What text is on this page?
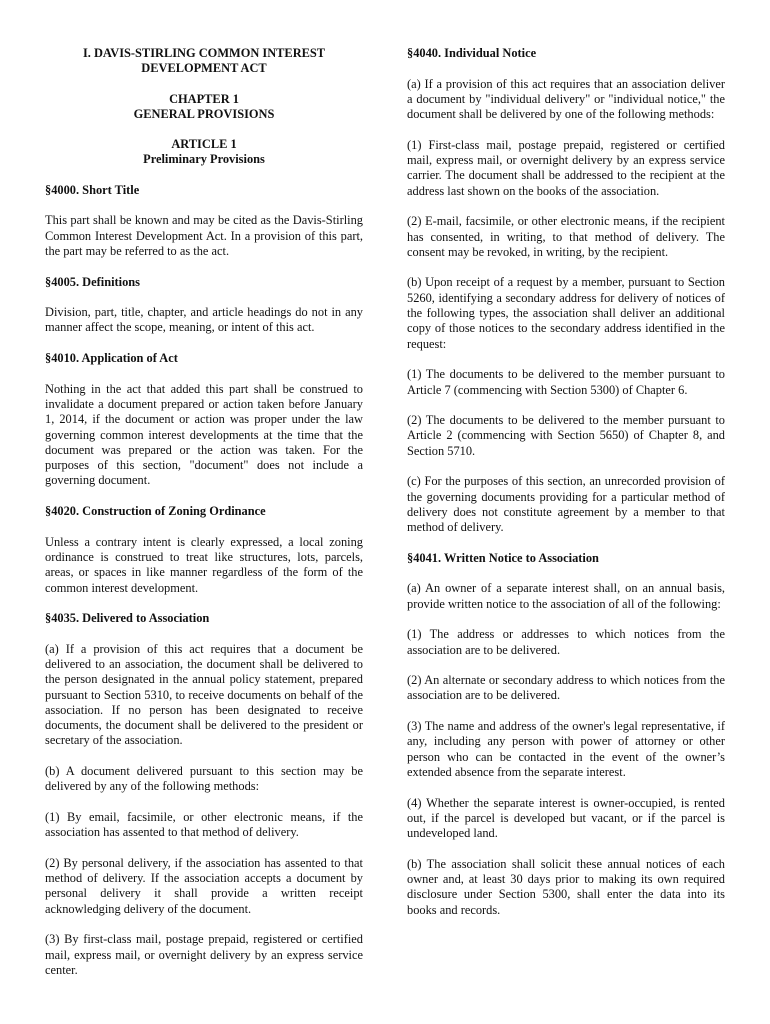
I. DAVIS-STIRLING COMMON INTEREST
DEVELOPMENT ACT
CHAPTER 1
GENERAL PROVISIONS
ARTICLE 1
Preliminary Provisions
§4000. Short Title

This part shall be known and may be cited as the Davis-Stirling Common Interest Development Act. In a provision of this part, the part may be referred to as the act.

§4005. Definitions

Division, part, title, chapter, and article headings do not in any manner affect the scope, meaning, or intent of this act.

§4010. Application of Act

Nothing in the act that added this part shall be construed to invalidate a document prepared or action taken before January 1, 2014, if the document or action was proper under the law governing common interest developments at the time that the document was prepared or the action was taken. For the purposes of this section, "document" does not include a governing document.

§4020. Construction of Zoning Ordinance

Unless a contrary intent is clearly expressed, a local zoning ordinance is construed to treat like structures, lots, parcels, areas, or spaces in like manner regardless of the form of the common interest development.

§4035. Delivered to Association

(a) If a provision of this act requires that a document be delivered to an association, the document shall be delivered to the person designated in the annual policy statement, prepared pursuant to Section 5310, to receive documents on behalf of the association. If no person has been designated to receive documents, the document shall be delivered to the president or secretary of the association.

(b) A document delivered pursuant to this section may be delivered by any of the following methods:

(1) By email, facsimile, or other electronic means, if the association has assented to that method of delivery.

(2) By personal delivery, if the association has assented to that method of delivery. If the association accepts a document by personal delivery it shall provide a written receipt acknowledging delivery of the document.

(3) By first-class mail, postage prepaid, registered or certified mail, express mail, or overnight delivery by an express service center.

§4040. Individual Notice

(a) If a provision of this act requires that an association deliver a document by "individual delivery" or "individual notice," the document shall be delivered by one of the following methods:

(1) First-class mail, postage prepaid, registered or certified mail, express mail, or overnight delivery by an express service carrier. The document shall be addressed to the recipient at the address last shown on the books of the association.

(2) E-mail, facsimile, or other electronic means, if the recipient has consented, in writing, to that method of delivery. The consent may be revoked, in writing, by the recipient.

(b) Upon receipt of a request by a member, pursuant to Section 5260, identifying a secondary address for delivery of notices of the following types, the association shall deliver an additional copy of those notices to the secondary address identified in the request:

(1) The documents to be delivered to the member pursuant to Article 7 (commencing with Section 5300) of Chapter 6.

(2) The documents to be delivered to the member pursuant to Article 2 (commencing with Section 5650) of Chapter 8, and Section 5710.

(c) For the purposes of this section, an unrecorded provision of the governing documents providing for a particular method of delivery does not constitute agreement by a member to that method of delivery.

§4041. Written Notice to Association

(a) An owner of a separate interest shall, on an annual basis, provide written notice to the association of all of the following:

(1) The address or addresses to which notices from the association are to be delivered.

(2) An alternate or secondary address to which notices from the association are to be delivered.

(3) The name and address of the owner's legal representative, if any, including any person with power of attorney or other person who can be contacted in the event of the owner’s extended absence from the separate interest.

(4) Whether the separate interest is owner-occupied, is rented out, if the parcel is developed but vacant, or if the parcel is undeveloped land.

(b) The association shall solicit these annual notices of each owner and, at least 30 days prior to making its own required disclosure under Section 5300, shall enter the data into its books and records.
